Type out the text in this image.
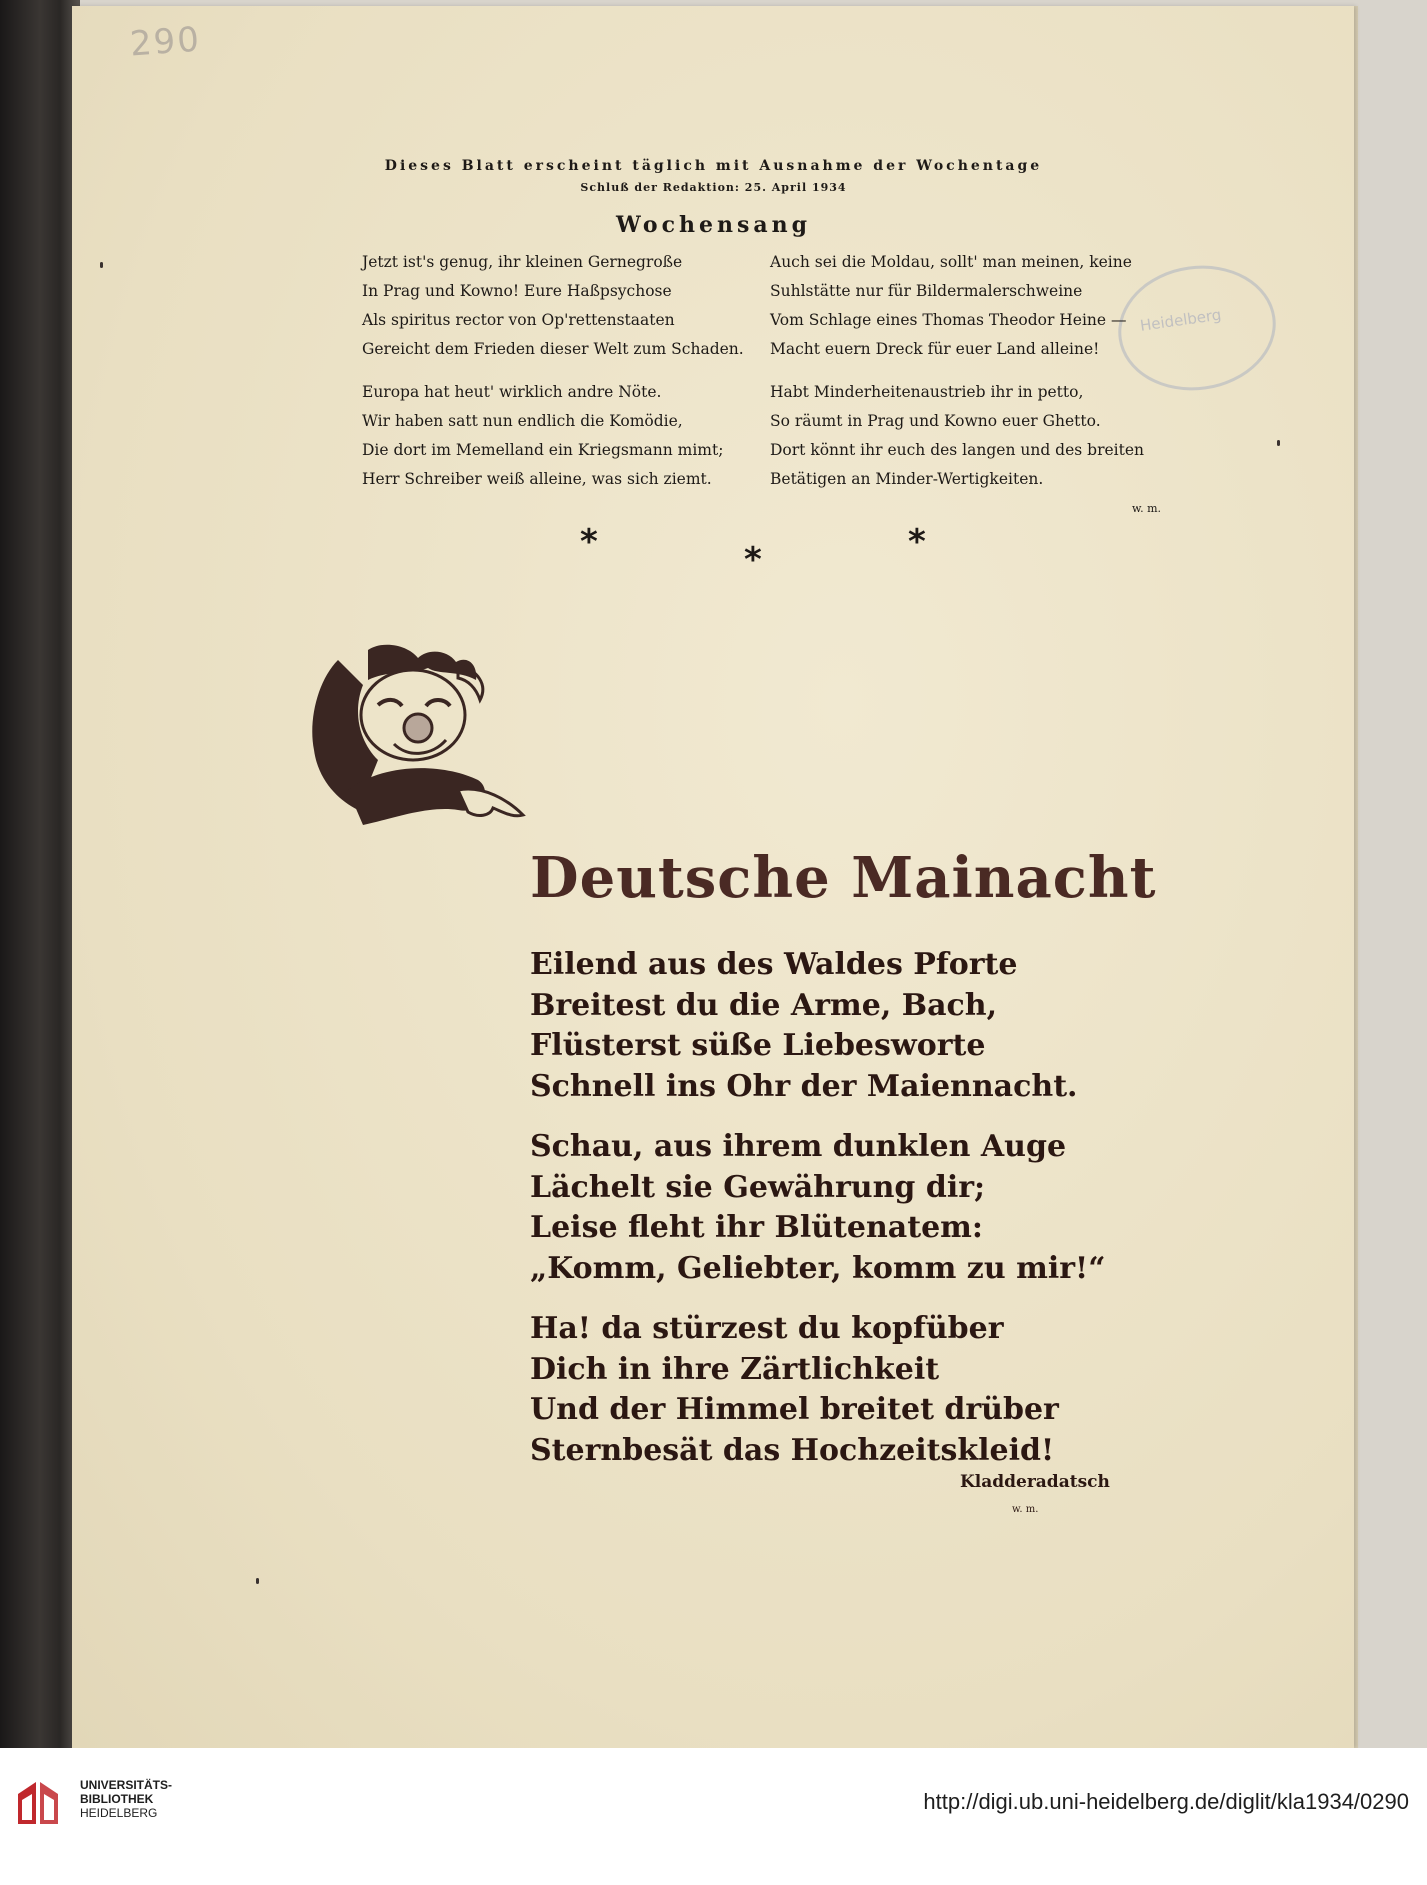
290
Heidelberg
Dieses Blatt erscheint täglich mit Ausnahme der Wochentage
Schluß der Redaktion: 25. April 1934
Wochensang
Jetzt ist's genug, ihr kleinen Gernegroße
In Prag und Kowno! Eure Haßpsychose
Als spiritus rector von Op'rettenstaaten
Gereicht dem Frieden dieser Welt zum Schaden.
Europa hat heut' wirklich andre Nöte.
Wir haben satt nun endlich die Komödie,
Die dort im Memelland ein Kriegsmann mimt;
Herr Schreiber weiß alleine, was sich ziemt.
Auch sei die Moldau, sollt' man meinen, keine
Suhlstätte nur für Bildermalerschweine
Vom Schlage eines Thomas Theodor Heine —
Macht euern Dreck für euer Land alleine!
Habt Minderheitenaustrieb ihr in petto,
So räumt in Prag und Kowno euer Ghetto.
Dort könnt ihr euch des langen und des breiten
Betätigen an Minder-Wertigkeiten.
w. m.
*	*	*
Deutsche Mainacht
Eilend aus des Waldes Pforte
Breitest du die Arme, Bach,
Flüsterst süße Liebesworte
Schnell ins Ohr der Maiennacht.
Schau, aus ihrem dunklen Auge
Lächelt sie Gewährung dir;
Leise fleht ihr Blütenatem:
„Komm, Geliebter, komm zu mir!“
Ha! da stürzest du kopfüber
Dich in ihre Zärtlichkeit
Und der Himmel breitet drüber
Sternbesät das Hochzeitskleid!
Kladderadatsch
w. m.
UNIVERSITÄTS-
BIBLIOTHEK
HEIDELBERG	http://digi.ub.uni-heidelberg.de/diglit/kla1934/0290
